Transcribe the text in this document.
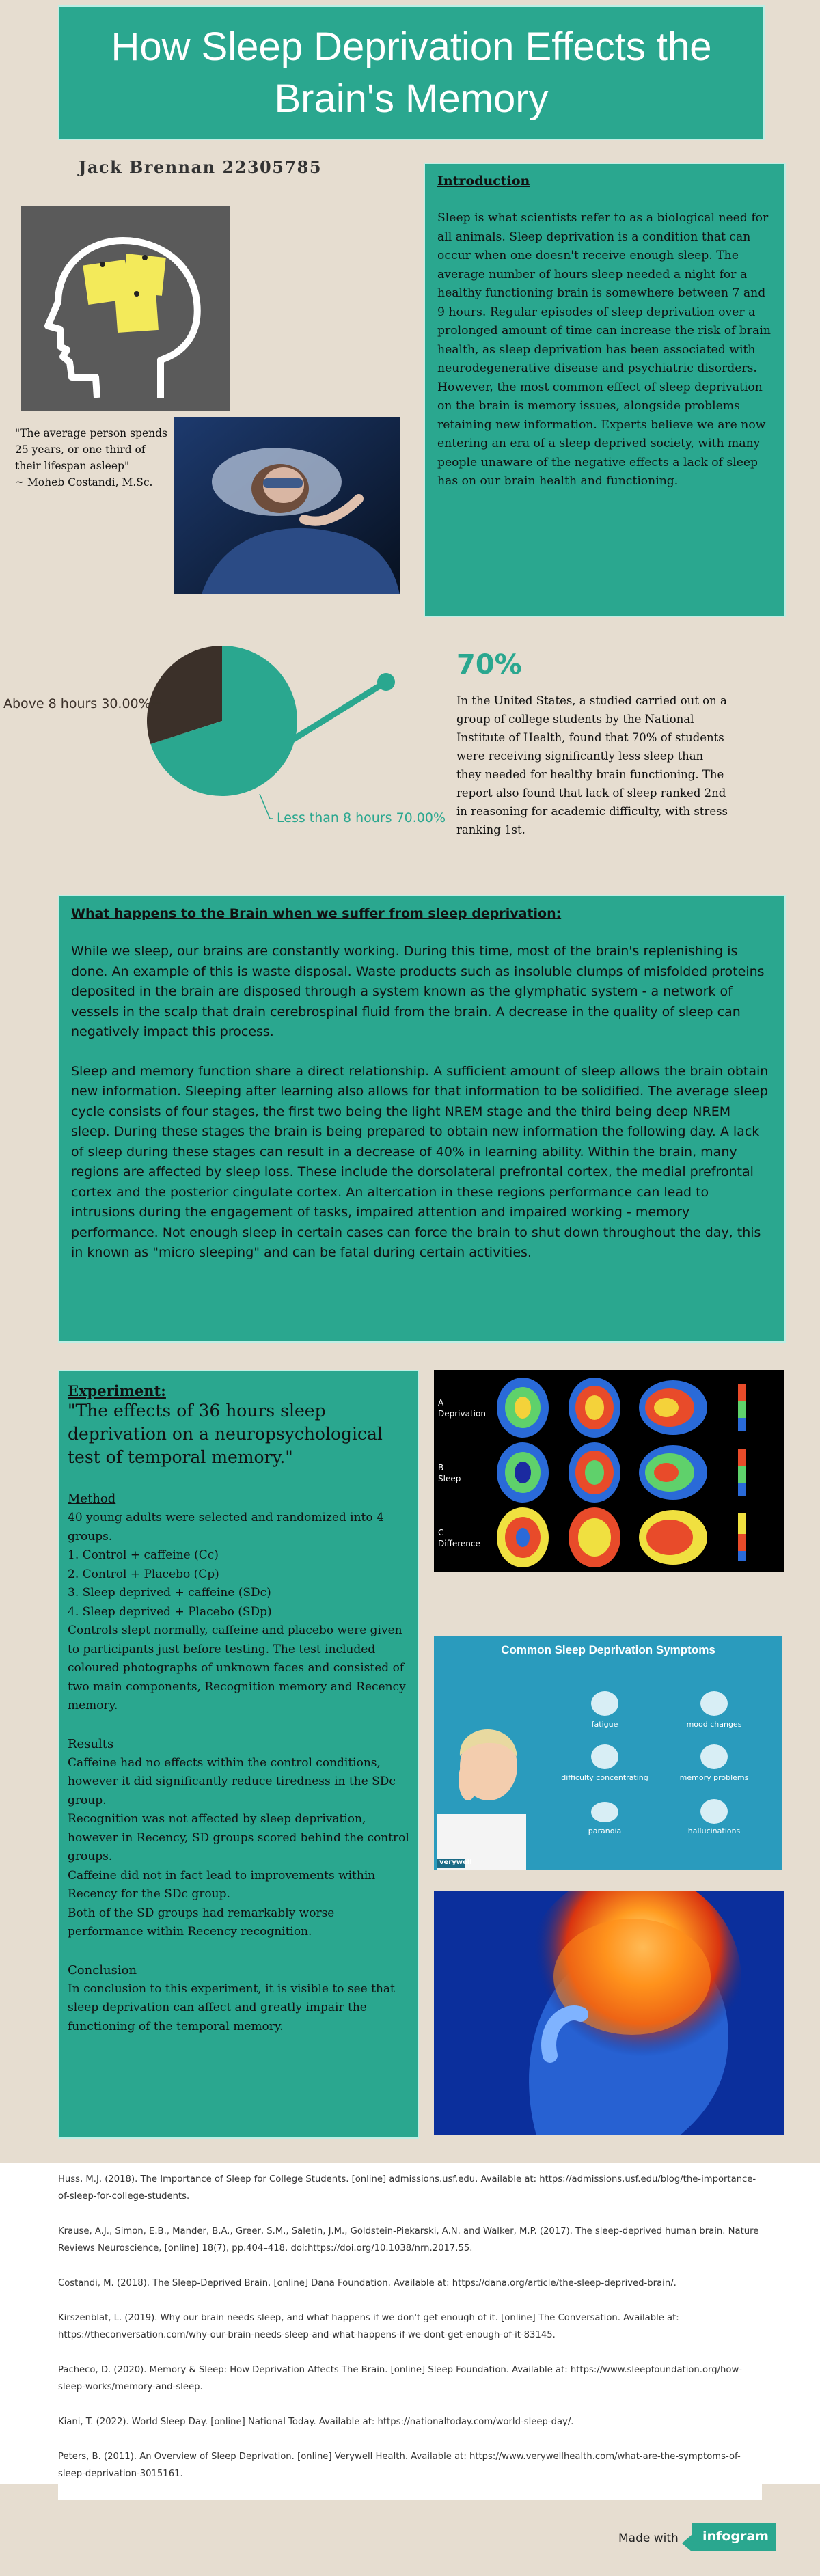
How Sleep Deprivation Effects the Brain's Memory
Jack Brennan 22305785
"The average person spends 25 years, or one third of their lifespan asleep"
~ Moheb Costandi, M.Sc.
Introduction

Sleep is what scientists refer to as a biological need for all animals. Sleep deprivation is a condition that can occur when one doesn't receive enough sleep. The average number of hours sleep needed a night for a healthy functioning brain is somewhere between 7 and 9 hours. Regular episodes of sleep deprivation over a prolonged amount of time can increase the risk of brain health, as sleep deprivation has been associated with neurodegenerative disease and psychiatric disorders. However, the most common effect of sleep deprivation on the brain is memory issues, alongside problems retaining new information. Experts believe we are now entering an era of a sleep deprived society, with many people unaware of the negative effects a lack of sleep has on our brain health and functioning.

Less than 8 hours 70.00%
Above 8 hours 30.00%
70%
In the United States, a studied carried out on a group of college students by the National Institute of Health, found that 70% of students were receiving significantly less sleep than they needed for healthy brain functioning. The report also found that lack of sleep ranked 2nd in reasoning for academic difficulty, with stress ranking 1st.
What happens to the Brain when we suffer from sleep deprivation:

While we sleep, our brains are constantly working. During this time, most of the brain's replenishing is done. An example of this is waste disposal. Waste products such as insoluble clumps of misfolded proteins deposited in the brain are disposed through a system known as the glymphatic system - a network of vessels in the scalp that drain cerebrospinal fluid from the brain. A decrease in the quality of sleep can negatively impact this process.

Sleep and memory function share a direct relationship. A sufficient amount of sleep allows the brain obtain new information. Sleeping after learning also allows for that information to be solidified. The average sleep cycle consists of four stages, the first two being the light NREM stage and the third being deep NREM sleep. During these stages the brain is being prepared to obtain new information the following day. A lack of sleep during these stages can result in a decrease of 40% in learning ability. Within the brain, many regions are affected by sleep loss. These include the dorsolateral prefrontal cortex, the medial prefrontal cortex and the posterior cingulate cortex. An altercation in these regions performance can lead to intrusions during the engagement of tasks, impaired attention and impaired working - memory performance. Not enough sleep in certain cases can force the brain to shut down throughout the day, this in known as "micro sleeping" and can be fatal during certain activities.

Experiment:

"The effects of 36 hours sleep deprivation on a neuropsychological test of temporal memory."

Method

40 young adults were selected and randomized into 4 groups.

1. Control + caffeine (Cc)

2. Control + Placebo (Cp)

3. Sleep deprived + caffeine (SDc)

4. Sleep deprived + Placebo (SDp)

Controls slept normally, caffeine and placebo were given to participants just before testing. The test included coloured photographs of unknown faces and consisted of two main components, Recognition memory and Recency memory.

Results

Caffeine had no effects within the control conditions, however it did significantly reduce tiredness in the SDc group.

Recognition was not affected by sleep deprivation, however in Recency, SD groups scored behind the control groups.

Caffeine did not in fact lead to improvements within Recency for the SDc group.

Both of the SD groups had remarkably worse performance within Recency recognition.

Conclusion

In conclusion to this experiment, it is visible to see that sleep deprivation can affect and greatly impair the functioning of the temporal memory.

A
Deprivation
B
Sleep
C
Difference
Common Sleep Deprivation Symptoms
verywell
fatigue	mood changes
difficulty concentrating	memory problems
paranoia	hallucinations

Huss, M.J. (2018). The Importance of Sleep for College Students. [online] admissions.usf.edu. Available at: https://admissions.usf.edu/blog/the-importance-of-sleep-for-college-students.

Krause, A.J., Simon, E.B., Mander, B.A., Greer, S.M., Saletin, J.M., Goldstein-Piekarski, A.N. and Walker, M.P. (2017). The sleep-deprived human brain. Nature Reviews Neuroscience, [online] 18(7), pp.404–418. doi:https://doi.org/10.1038/nrn.2017.55.

Costandi, M. (2018). The Sleep-Deprived Brain. [online] Dana Foundation. Available at: https://dana.org/article/the-sleep-deprived-brain/.

Kirszenblat, L. (2019). Why our brain needs sleep, and what happens if we don't get enough of it. [online] The Conversation. Available at: https://theconversation.com/why-our-brain-needs-sleep-and-what-happens-if-we-dont-get-enough-of-it-83145.

Pacheco, D. (2020). Memory & Sleep: How Deprivation Affects The Brain. [online] Sleep Foundation. Available at: https://www.sleepfoundation.org/how-sleep-works/memory-and-sleep.

Kiani, T. (2022). World Sleep Day. [online] National Today. Available at: https://nationaltoday.com/world-sleep-day/.

Peters, B. (2011). An Overview of Sleep Deprivation. [online] Verywell Health. Available at: https://www.verywellhealth.com/what-are-the-symptoms-of-sleep-deprivation-3015161.

Made with infogram
